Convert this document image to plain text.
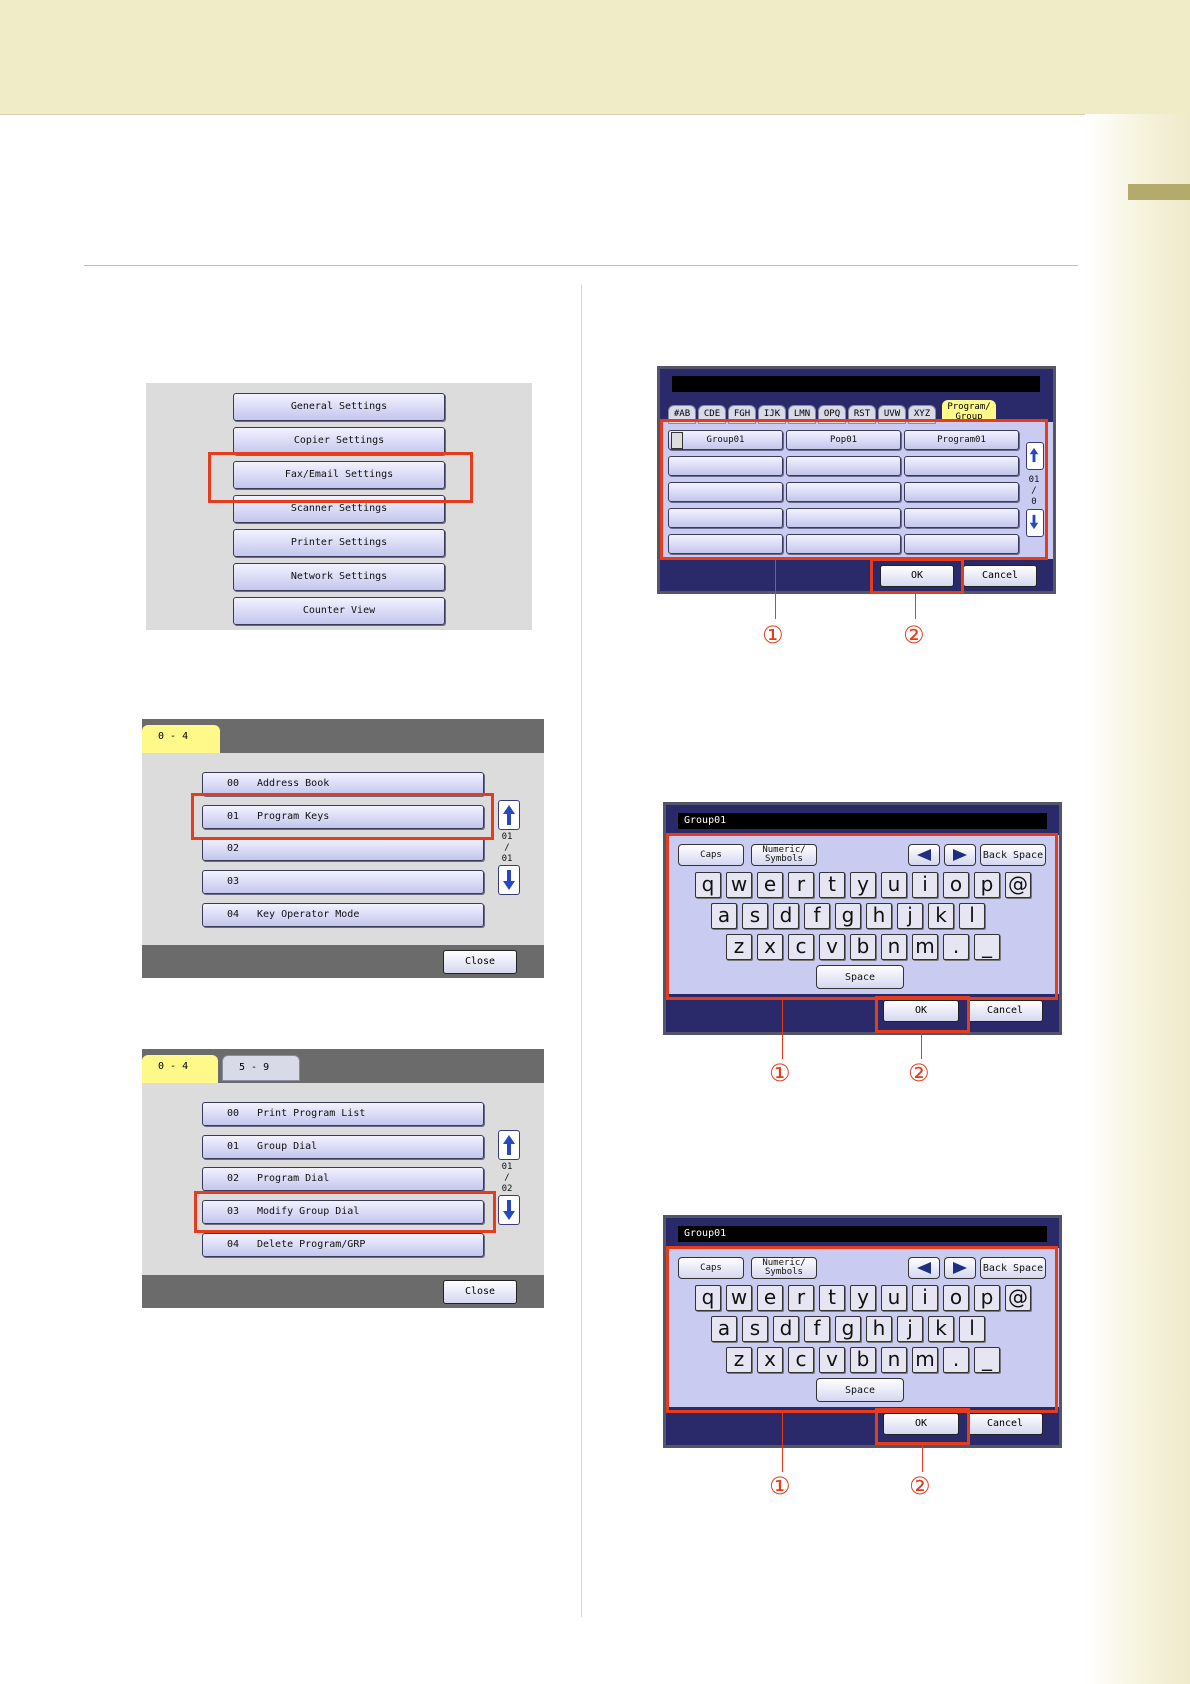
General Settings
Copier Settings
Fax/Email Settings
Scanner Settings
Printer Settings
Network Settings
Counter View
0 - 4
00 Address Book
01 Program Keys
02
03
04 Key Operator Mode
01
/
01
Close
0 - 4	5 - 9
00 Print Program List
01 Group Dial
02 Program Dial
03 Modify Group Dial
04 Delete Program/GRP
01
/
02
Close
#AB	CDE	FGH	IJK	LMN	OPQ	RST	UVW	XYZ
Program/
Group
Group01	Pop01	Program01
01
/
0
OK	Cancel
①	②
Group01
Caps	Numeric/
Symbols	Back Space
q w e	r	t	y u	i	o p @
a s d	f	g h	j	k	l
z x c v b n m .	_
Space
OK	Cancel
①	②
Group01
Caps	Numeric/
Symbols	Back Space
q w e	r	t	y u	i	o p @
a s d	f	g h	j	k	l
z x c v b n m .	_
Space
OK	Cancel
①	②
